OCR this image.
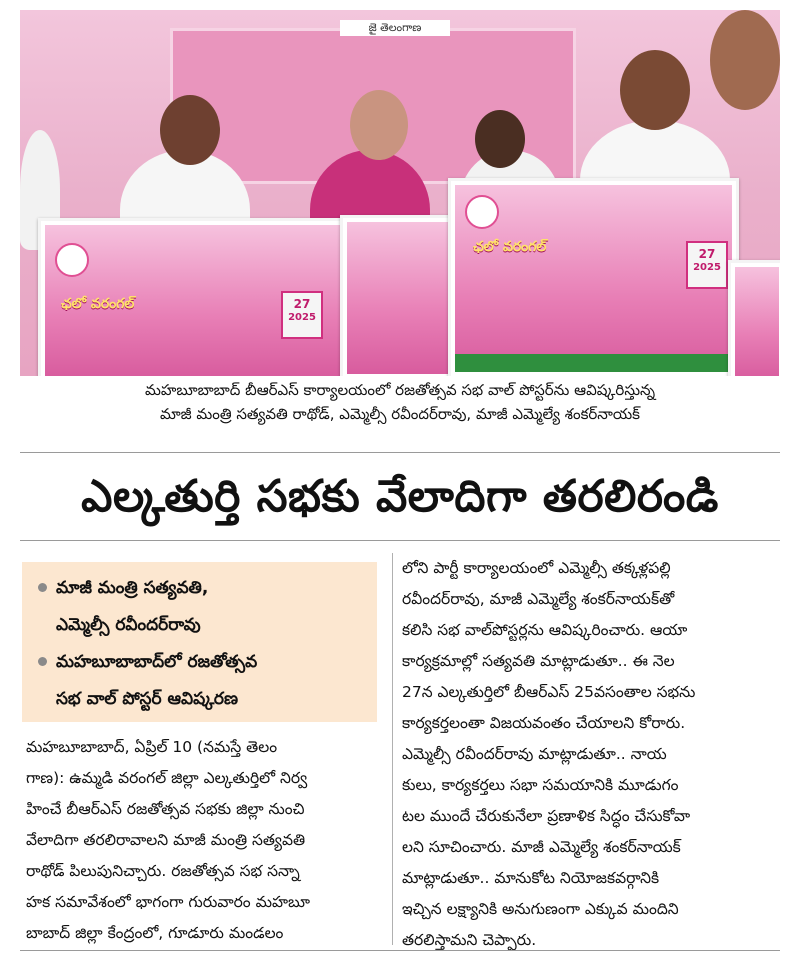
జై తెలంగాణ
ఛలో వరంగల్	27
2025
ఛలో వరంగల్	27
2025
మహబూబాబాద్ బీఆర్ఎస్ కార్యాలయంలో రజతోత్సవ సభ వాల్ పోస్టర్‌ను ఆవిష్కరిస్తున్న
మాజీ మంత్రి సత్యవతి రాథోడ్, ఎమ్మెల్సీ రవీందర్‌రావు, మాజీ ఎమ్మెల్యే శంకర్‌నాయక్
ఎల్కతుర్తి సభకు వేలాదిగా తరలిరండి
మాజీ మంత్రి సత్యవతి,
ఎమ్మెల్సీ రవీందర్‌రావు
మహబూబాబాద్‌లో రజతోత్సవ
సభ వాల్ పోస్టర్ ఆవిష్కరణ

మహబూబాబాద్, ఏప్రిల్ 10 (నమస్తే తెలం

గాణ): ఉమ్మడి వరంగల్ జిల్లా ఎల్కతుర్తిలో నిర్వ

హించే బీఆర్ఎస్ రజతోత్సవ సభకు జిల్లా నుంచి

వేలాదిగా తరలిరావాలని మాజీ మంత్రి సత్యవతి

రాథోడ్ పిలుపునిచ్చారు. రజతోత్సవ సభ సన్నా

హక సమావేశంలో భాగంగా గురువారం మహబూ

బాబాద్ జిల్లా కేంద్రంలో, గూడూరు మండలం

లోని పార్టీ కార్యాలయంలో ఎమ్మెల్సీ తక్కళ్లపల్లి

రవీందర్‌రావు, మాజీ ఎమ్మెల్యే శంకర్‌నాయక్‌తో

కలిసి సభ వాల్‌పోస్టర్లను ఆవిష్కరించారు. ఆయా

కార్యక్రమాల్లో సత్యవతి మాట్లాడుతూ.. ఈ నెల

27న ఎల్కతుర్తిలో బీఆర్ఎస్ 25వసంతాల సభను

కార్యకర్తలంతా విజయవంతం చేయాలని కోరారు.

ఎమ్మెల్సీ రవీందర్‌రావు మాట్లాడుతూ.. నాయ

కులు, కార్యకర్తలు సభా సమయానికి మూడుగం

టల ముందే చేరుకునేలా ప్రణాళిక సిద్ధం చేసుకోవా

లని సూచించారు. మాజీ ఎమ్మెల్యే శంకర్‌నాయక్

మాట్లాడుతూ.. మానుకోట నియోజకవర్గానికి

ఇచ్చిన లక్ష్యానికి అనుగుణంగా ఎక్కువ మందిని

తరలిస్తామని చెప్పారు.
